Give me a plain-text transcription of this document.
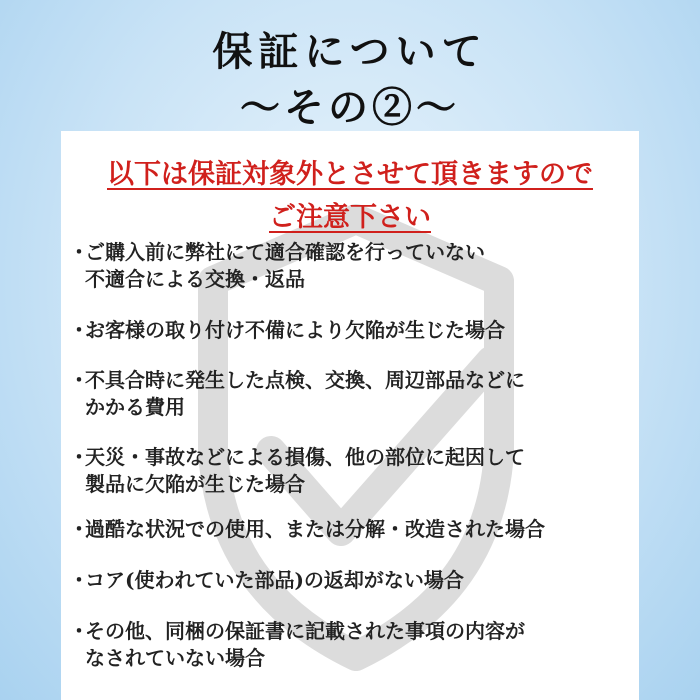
保証について
〜その②〜
以下は保証対象外とさせて頂きますので
ご注意下さい
・
ご購入前に弊社にて適合確認を行っていない
不適合による交換・返品
・
お客様の取り付け不備により欠陥が生じた場合
・
不具合時に発生した点検、交換、周辺部品などに
かかる費用
・
天災・事故などによる損傷、他の部位に起因して
製品に欠陥が生じた場合
・
過酷な状況での使用、または分解・改造された場合
・
コア(使われていた部品)の返却がない場合
・
その他、同梱の保証書に記載された事項の内容が
なされていない場合
